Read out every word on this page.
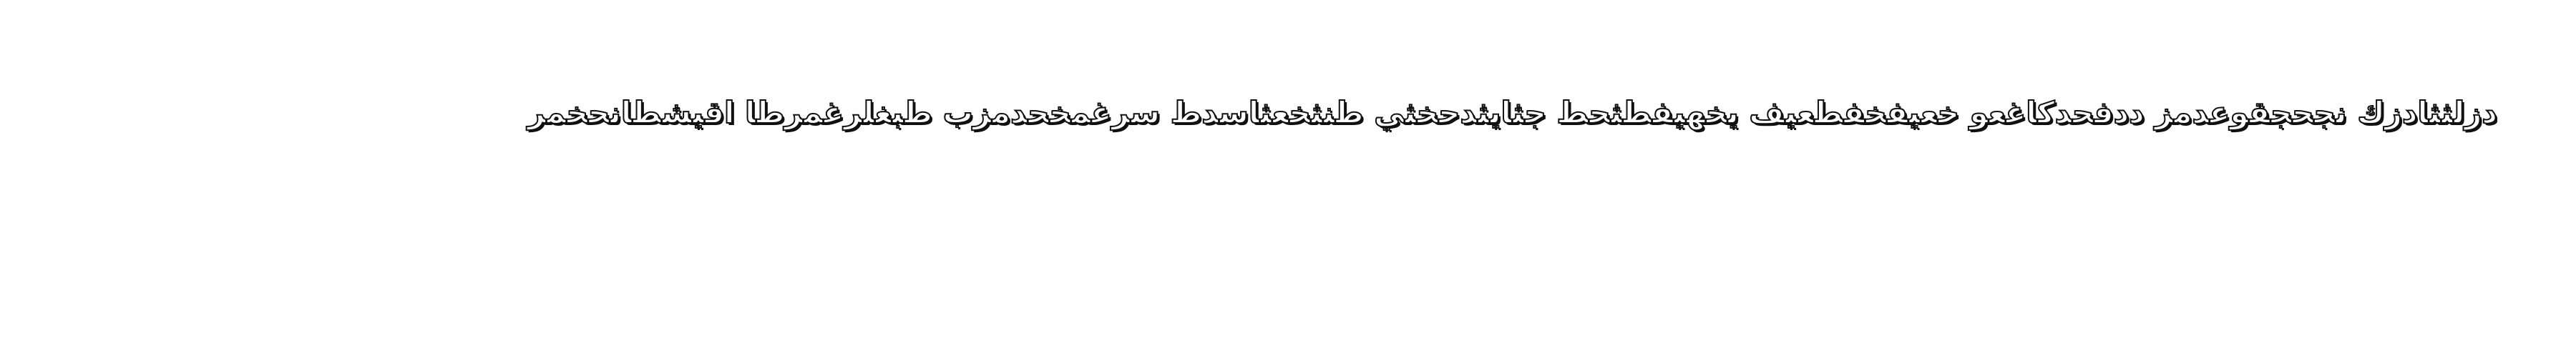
دزلثثادزك نجحجقوعدمز ددفحدكاغعو خعيفخفطعيف يخهيفطثحط جثايثدحخثي طنثخعثاسدط سرغمخحدمزب طبغلرغمرطا اقيشطانحخمر
